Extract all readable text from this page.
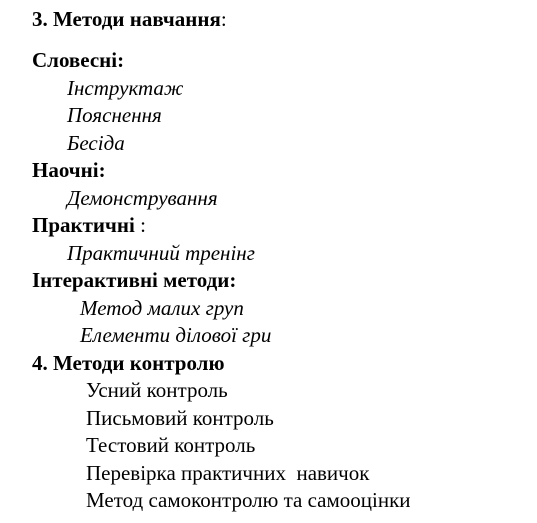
3. Методи навчання:
Словесні:
Інструктаж
Пояснення
Бесіда
Наочні:
Демонстрування
Практичні :
Практичний тренінг
Інтерактивні методи:
Метод малих груп
Елементи ділової гри
4. Методи контролю
Усний контроль
Письмовий контроль
Тестовий контроль
Перевірка практичних  навичок
Метод самоконтролю та самооцінки
